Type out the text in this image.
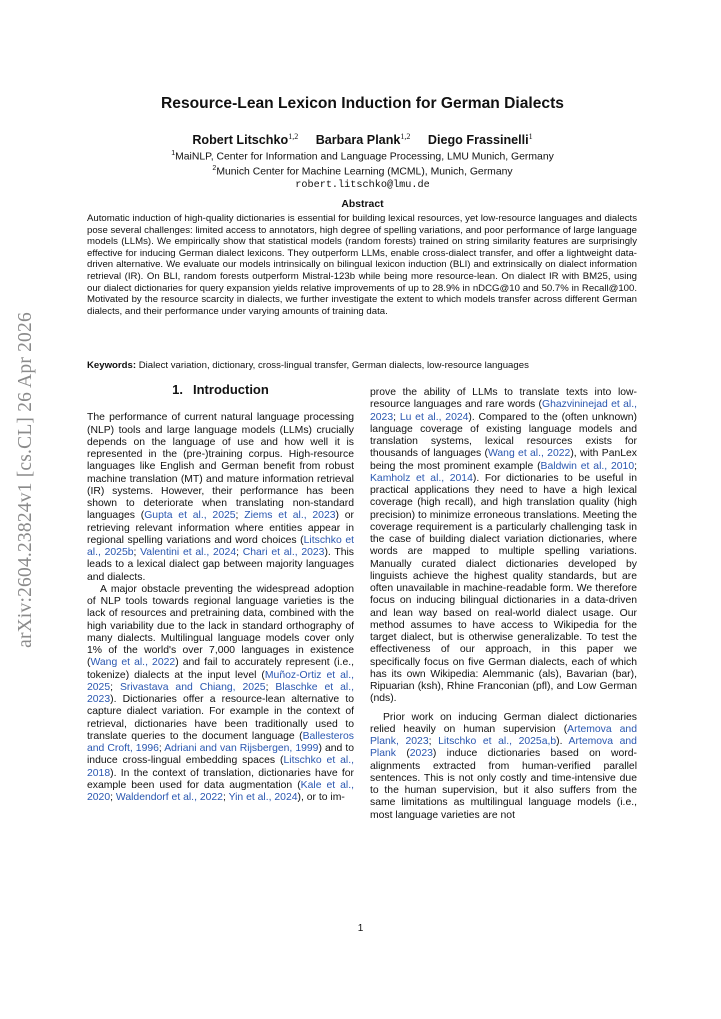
arXiv:2604.23824v1 [cs.CL] 26 Apr 2026
Resource-Lean Lexicon Induction for German Dialects
Robert Litschko$^{1,2}$ Barbara Plank$^{1,2}$ Diego Frassinelli$^1$

$^1$MaiNLP, Center for Information and Language Processing, LMU Munich, Germany

$^2$Munich Center for Machine Learning (MCML), Munich, Germany

robert.litschko@lmu.de

Abstract

Automatic induction of high-quality dictionaries is essential for building lexical resources, yet low-resource languages and dialects pose several challenges: limited access to annotators, high degree of spelling variations, and poor performance of large language models (LLMs). We empirically show that statistical models (random forests) trained on string similarity features are surprisingly effective for inducing German dialect lexicons. They outperform LLMs, enable cross-dialect transfer, and offer a lightweight data-driven alternative. We evaluate our models intrinsically on bilingual lexicon induction (BLI) and extrinsically on dialect information retrieval (IR). On BLI, random forests outperform Mistral-123b while being more resource-lean. On dialect IR with BM25, using our dialect dictionaries for query expansion yields relative improvements of up to 28.9% in nDCG@10 and 50.7% in Recall@100. Motivated by the resource scarcity in dialects, we further investigate the extent to which models transfer across different German dialects, and their performance under varying amounts of training data.

Keywords: Dialect variation, dictionary, cross-lingual transfer, German dialects, low-resource languages

1. Introduction

The performance of current natural language processing (NLP) tools and large language models (LLMs) crucially depends on the language of use and how well it is represented in the (pre-)training corpus. High-resource languages like English and German benefit from robust machine translation (MT) and mature information retrieval (IR) systems. However, their performance has been shown to deteriorate when translating non-standard languages (Gupta et al., 2025; Ziems et al., 2023) or retrieving relevant information where entities appear in regional spelling variations and word choices (Litschko et al., 2025b; Valentini et al., 2024; Chari et al., 2023). This leads to a lexical dialect gap between majority languages and dialects.

A major obstacle preventing the widespread adoption of NLP tools towards regional language varieties is the lack of resources and pretraining data, combined with the high variability due to the lack in standard orthography of many dialects. Multilingual language models cover only 1% of the world's over 7,000 languages in existence (Wang et al., 2022) and fail to accurately represent (i.e., tokenize) dialects at the input level (Muñoz-Ortiz et al., 2025; Srivastava and Chiang, 2025; Blaschke et al., 2023). Dictionaries offer a resource-lean alternative to capture dialect variation. For example in the context of retrieval, dictionaries have been traditionally used to translate queries to the document language (Ballesteros and Croft, 1996; Adriani and van Rijsbergen, 1999) and to induce cross-lingual embedding spaces (Litschko et al., 2018). In the context of translation, dictionaries have for example been used for data augmentation (Kale et al., 2020; Waldendorf et al., 2022; Yin et al., 2024), or to im-

prove the ability of LLMs to translate texts into low-resource languages and rare words (Ghazvininejad et al., 2023; Lu et al., 2024). Compared to the (often unknown) language coverage of existing language models and translation systems, lexical resources exists for thousands of languages (Wang et al., 2022), with PanLex being the most prominent example (Baldwin et al., 2010; Kamholz et al., 2014). For dictionaries to be useful in practical applications they need to have a high lexical coverage (high recall), and high translation quality (high precision) to minimize erroneous translations. Meeting the coverage requirement is a particularly challenging task in the case of building dialect variation dictionaries, where words are mapped to multiple spelling variations. Manually curated dialect dictionaries developed by linguists achieve the highest quality standards, but are often unavailable in machine-readable form. We therefore focus on inducing bilingual dictionaries in a data-driven and lean way based on real-world dialect usage. Our method assumes to have access to Wikipedia for the target dialect, but is otherwise generalizable. To test the effectiveness of our approach, in this paper we specifically focus on five German dialects, each of which has its own Wikipedia: Alemmanic (als), Bavarian (bar), Ripuarian (ksh), Rhine Franconian (pfl), and Low German (nds).

Prior work on inducing German dialect dictionaries relied heavily on human supervision (Artemova and Plank, 2023; Litschko et al., 2025a,b). Artemova and Plank (2023) induce dictionaries based on word-alignments extracted from human-verified parallel sentences. This is not only costly and time-intensive due to the human supervision, but it also suffers from the same limitations as multilingual language models (i.e., most language varieties are not

1
